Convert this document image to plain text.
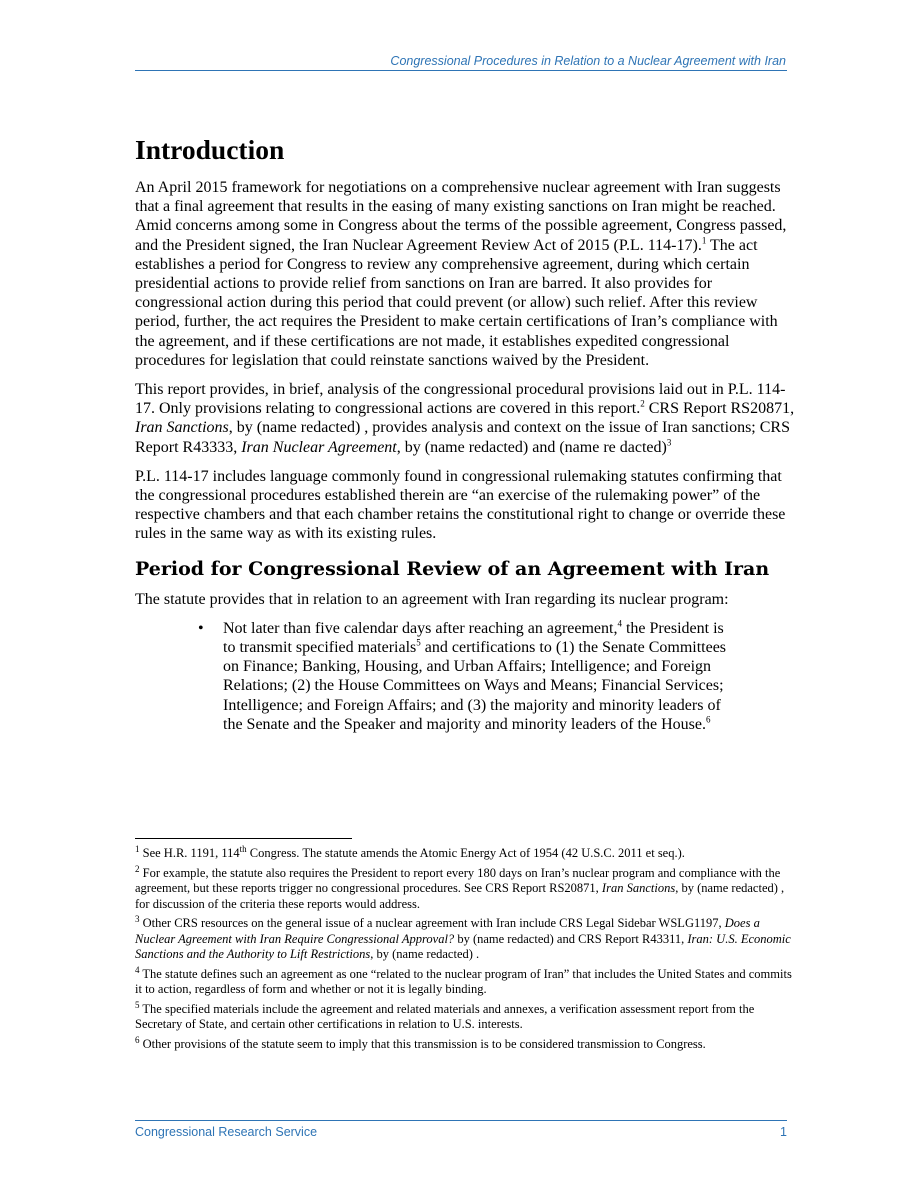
Congressional Procedures in Relation to a Nuclear Agreement with Iran
Introduction

An April 2015 framework for negotiations on a comprehensive nuclear agreement with Iran suggests that a final agreement that results in the easing of many existing sanctions on Iran might be reached. Amid concerns among some in Congress about the terms of the possible agreement, Congress passed, and the President signed, the Iran Nuclear Agreement Review Act of 2015 (P.L. 114-17).$^1$ The act establishes a period for Congress to review any comprehensive agreement, during which certain presidential actions to provide relief from sanctions on Iran are barred. It also provides for congressional action during this period that could prevent (or allow) such relief. After this review period, further, the act requires the President to make certain certifications of Iran’s compliance with the agreement, and if these certifications are not made, it establishes expedited congressional procedures for legislation that could reinstate sanctions waived by the President.

This report provides, in brief, analysis of the congressional procedural provisions laid out in P.L. 114-17. Only provisions relating to congressional actions are covered in this report.$^2$ CRS Report RS20871, Iran Sanctions, by (name redacted) , provides analysis and context on the issue of Iran sanctions; CRS Report R43333, Iran Nuclear Agreement, by (name redacted) and (name re dacted)$^3$

P.L. 114-17 includes language commonly found in congressional rulemaking statutes confirming that the congressional procedures established therein are “an exercise of the rulemaking power” of the respective chambers and that each chamber retains the constitutional right to change or override these rules in the same way as with its existing rules.

Period for Congressional Review of an Agreement with Iran

The statute provides that in relation to an agreement with Iran regarding its nuclear program:

• Not later than five calendar days after reaching an agreement,$^4$ the President is to transmit specified materials$^5$ and certifications to (1) the Senate Committees on Finance; Banking, Housing, and Urban Affairs; Intelligence; and Foreign Relations; (2) the House Committees on Ways and Means; Financial Services; Intelligence; and Foreign Affairs; and (3) the majority and minority leaders of the Senate and the Speaker and majority and minority leaders of the House.$^6$

$^1$ See H.R. 1191, 114th Congress. The statute amends the Atomic Energy Act of 1954 (42 U.S.C. 2011 et seq.).

$^2$ For example, the statute also requires the President to report every 180 days on Iran’s nuclear program and compliance with the agreement, but these reports trigger no congressional procedures. See CRS Report RS20871, Iran Sanctions, by (name redacted) , for discussion of the criteria these reports would address.

$^3$ Other CRS resources on the general issue of a nuclear agreement with Iran include CRS Legal Sidebar WSLG1197, Does a Nuclear Agreement with Iran Require Congressional Approval? by (name redacted) and CRS Report R43311, Iran: U.S. Economic Sanctions and the Authority to Lift Restrictions, by (name redacted) .

$^4$ The statute defines such an agreement as one “related to the nuclear program of Iran” that includes the United States and commits it to action, regardless of form and whether or not it is legally binding.

$^5$ The specified materials include the agreement and related materials and annexes, a verification assessment report from the Secretary of State, and certain other certifications in relation to U.S. interests.

$^6$ Other provisions of the statute seem to imply that this transmission is to be considered transmission to Congress.

Congressional Research Service	1
